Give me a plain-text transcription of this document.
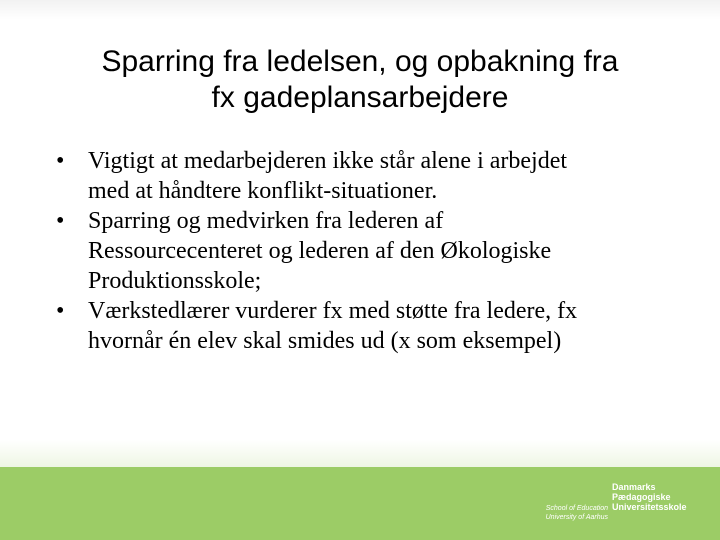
Sparring fra ledelsen, og opbakning fra
fx gadeplansarbejdere
• Vigtigt at medarbejderen ikke står alene i arbejdet
med at håndtere konflikt-situationer.
• Sparring og medvirken fra lederen af
Ressourcecenteret og lederen af den Økologiske
Produktionsskole;
• Værkstedlærer vurderer fx med støtte fra ledere, fx
hvornår én elev skal smides ud (x som eksempel)
School of Education
University of Aarhus
Danmarks
Pædagogiske
Universitetsskole
